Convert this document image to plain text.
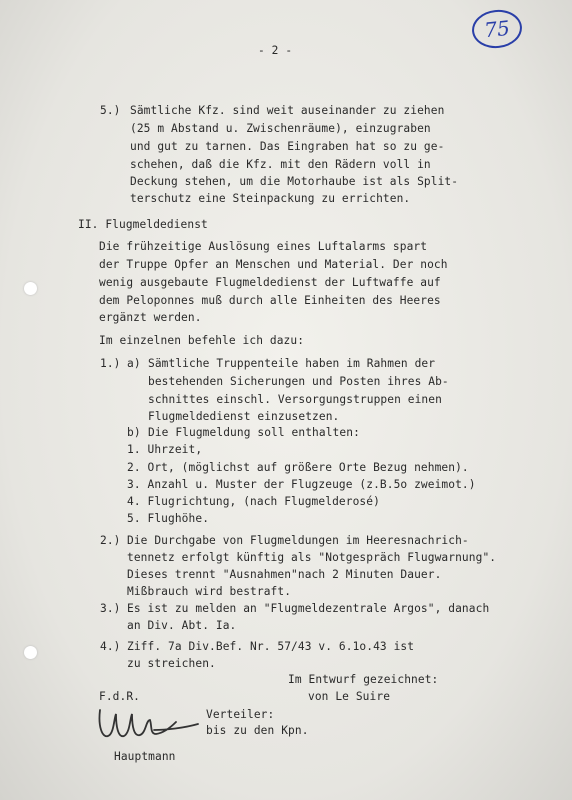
75
- 2 -
5.) Sämtliche Kfz. sind weit auseinander zu ziehen
(25 m Abstand u. Zwischenräume), einzugraben
und gut zu tarnen. Das Eingraben hat so zu ge-
schehen, daß die Kfz. mit den Rädern voll in
Deckung stehen, um die Motorhaube ist als Split-
terschutz eine Steinpackung zu errichten.
II. Flugmeldedienst
Die frühzeitige Auslösung eines Luftalarms spart
der Truppe Opfer an Menschen und Material. Der noch
wenig ausgebaute Flugmeldedienst der Luftwaffe auf
dem Peloponnes muß durch alle Einheiten des Heeres
ergänzt werden.
Im einzelnen befehle ich dazu:
1.) a) Sämtliche Truppenteile haben im Rahmen der
bestehenden Sicherungen und Posten ihres Ab-
schnittes einschl. Versorgungstruppen einen
Flugmeldedienst einzusetzen.
b) Die Flugmeldung soll enthalten:
1. Uhrzeit,
2. Ort, (möglichst auf größere Orte Bezug nehmen).
3. Anzahl u. Muster der Flugzeuge (z.B.5o zweimot.)
4. Flugrichtung, (nach Flugmelderosé)
5. Flughöhe.
2.) Die Durchgabe von Flugmeldungen im Heeresnachrich-
tennetz erfolgt künftig als "Notgespräch Flugwarnung".
Dieses trennt "Ausnahmen"nach 2 Minuten Dauer.
Mißbrauch wird bestraft.
3.) Es ist zu melden an "Flugmeldezentrale Argos", danach
an Div. Abt. Ia.
4.) Ziff. 7a Div.Bef. Nr. 57/43 v. 6.1o.43 ist
zu streichen.
Im Entwurf gezeichnet:
von Le Suire
F.d.R.
Verteiler:
bis zu den Kpn.
Hauptmann
